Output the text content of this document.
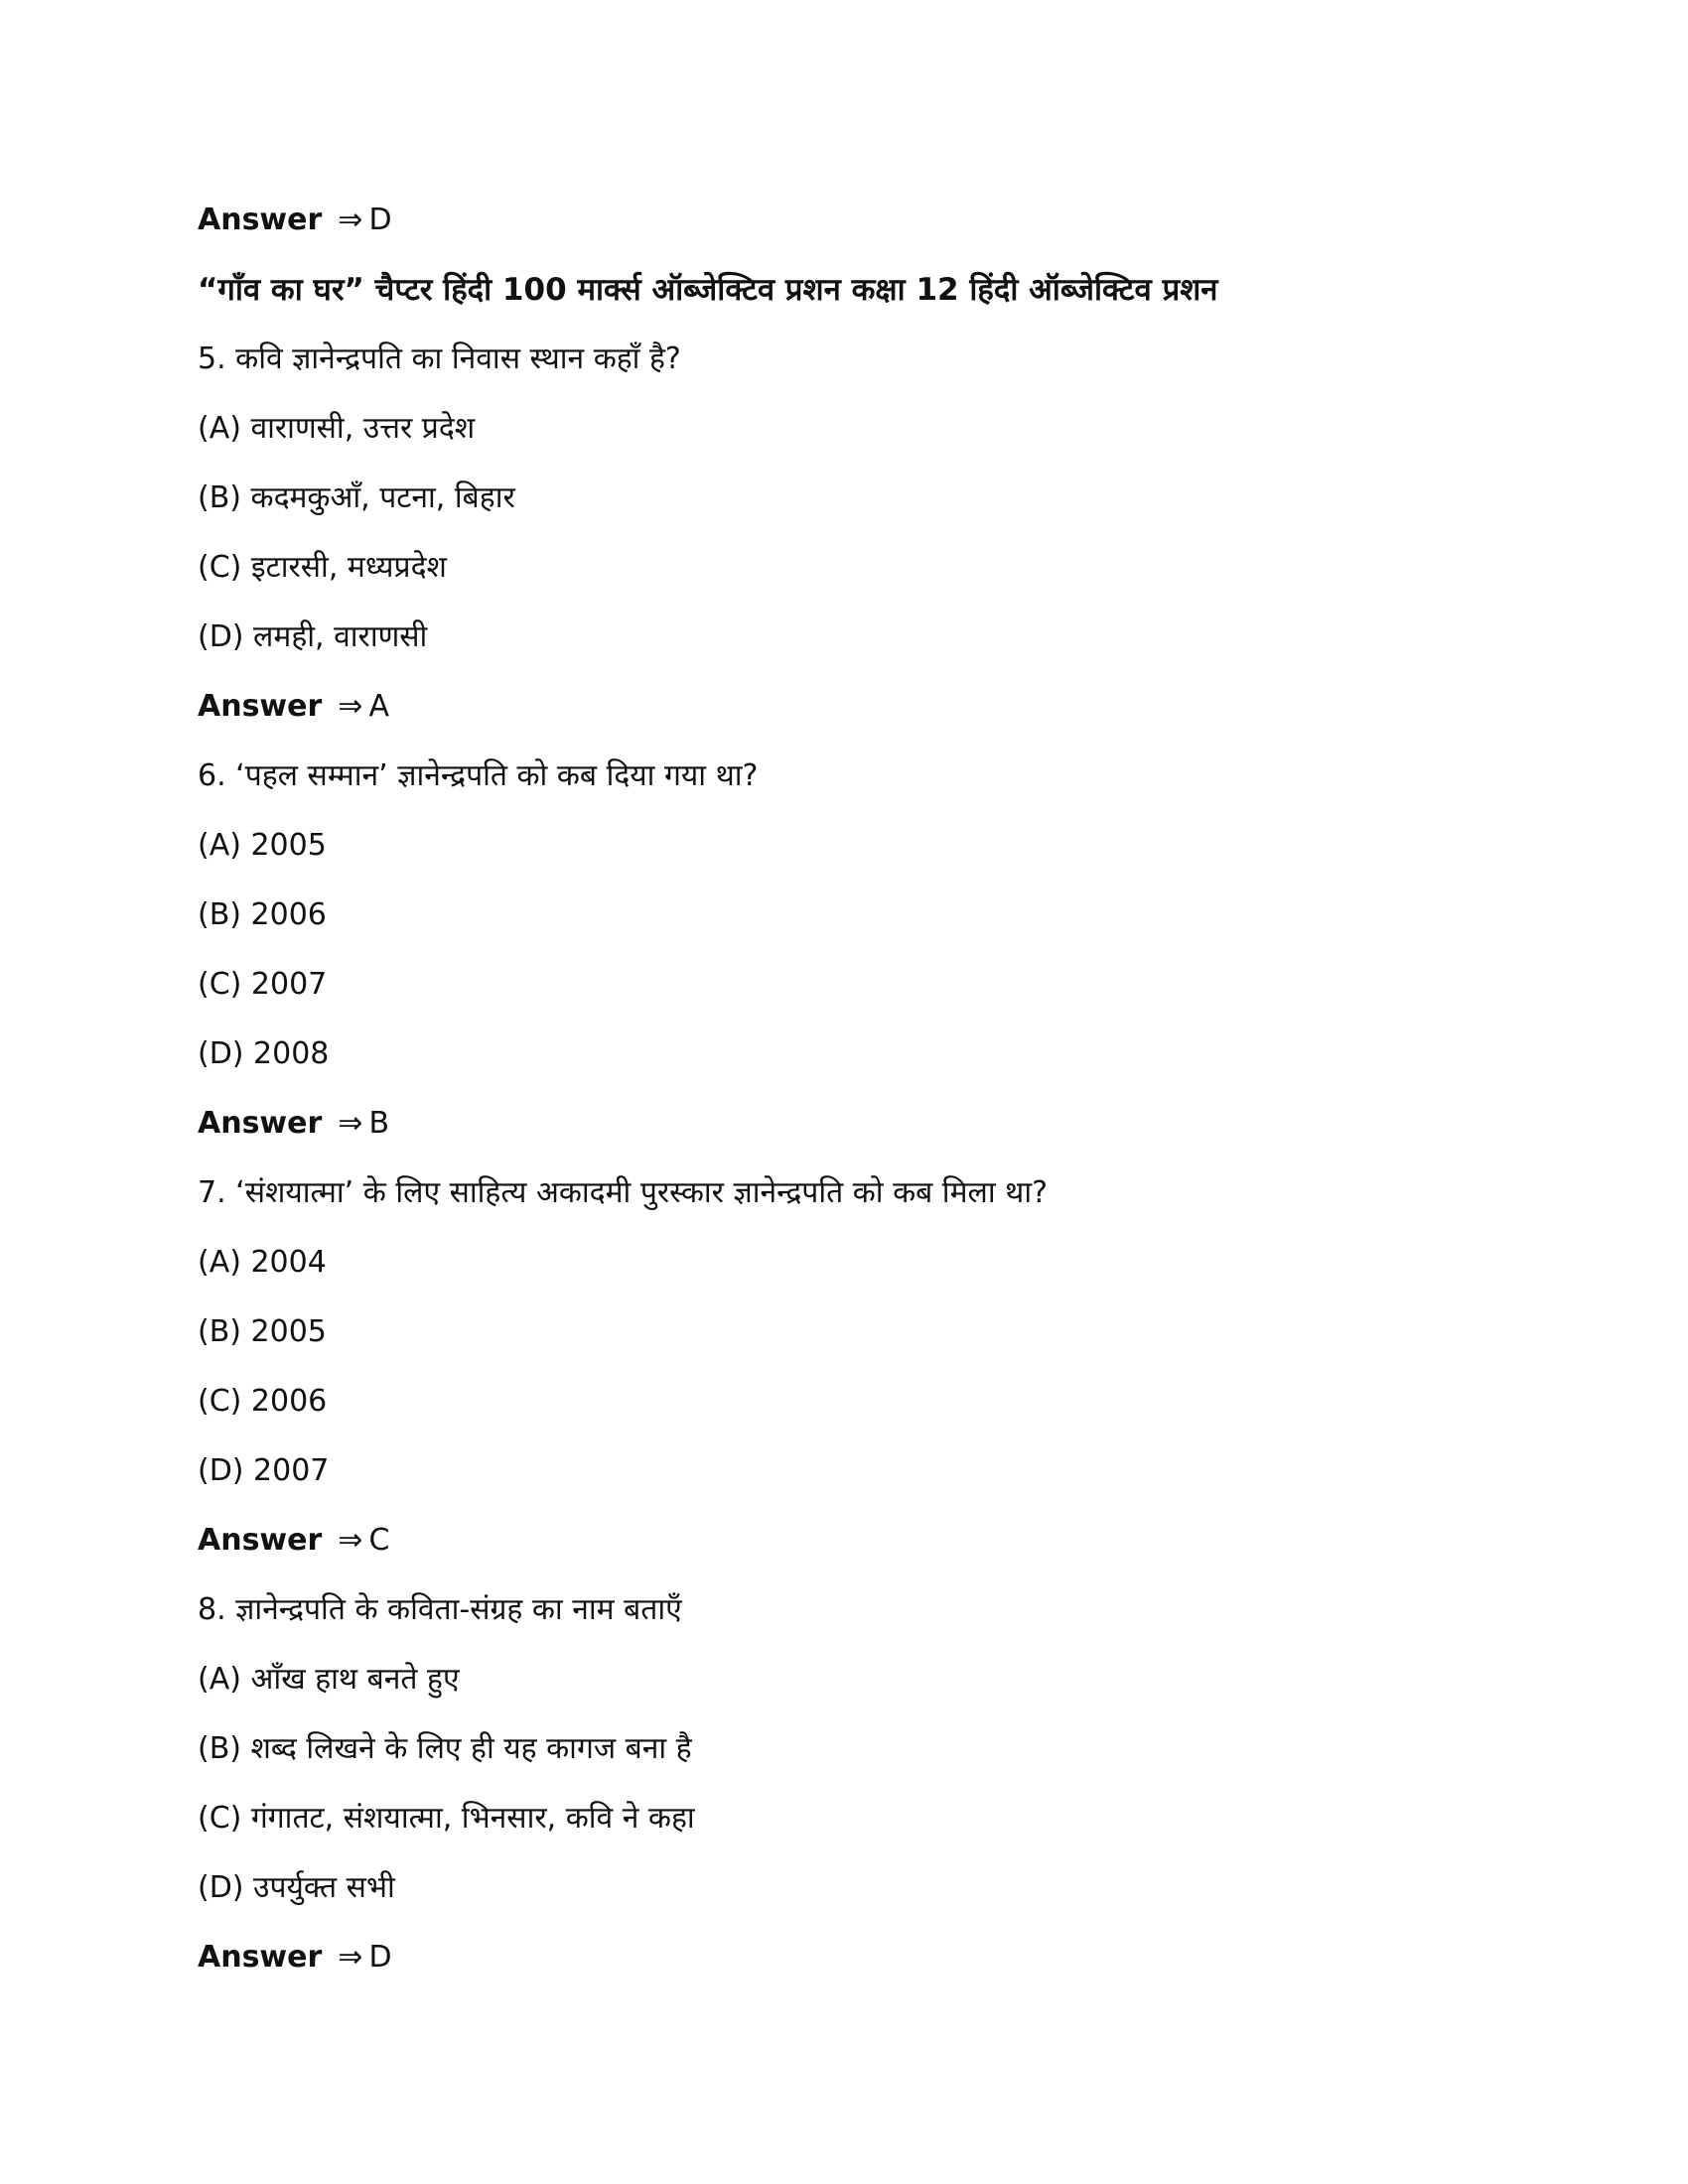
Answer ⇒ D
“गाँव का घर” चैप्टर हिंदी 100 मार्क्स ऑब्जेक्टिव प्रशन कक्षा 12 हिंदी ऑब्जेक्टिव प्रशन
5. कवि ज्ञानेन्द्रपति का निवास स्थान कहाँ है?
(A) वाराणसी, उत्तर प्रदेश
(B) कदमकुआँ, पटना, बिहार
(C) इटारसी, मध्यप्रदेश
(D) लमही, वाराणसी
Answer ⇒ A
6. ‘पहल सम्मान’ ज्ञानेन्द्रपति को कब दिया गया था?
(A) 2005
(B) 2006
(C) 2007
(D) 2008
Answer ⇒ B
7. ‘संशयात्मा’ के लिए साहित्य अकादमी पुरस्कार ज्ञानेन्द्रपति को कब मिला था?
(A) 2004
(B) 2005
(C) 2006
(D) 2007
Answer ⇒ C
8. ज्ञानेन्द्रपति के कविता-संग्रह का नाम बताएँ
(A) आँख हाथ बनते हुए
(B) शब्द लिखने के लिए ही यह कागज बना है
(C) गंगातट, संशयात्मा, भिनसार, कवि ने कहा
(D) उपर्युक्त सभी
Answer ⇒ D
